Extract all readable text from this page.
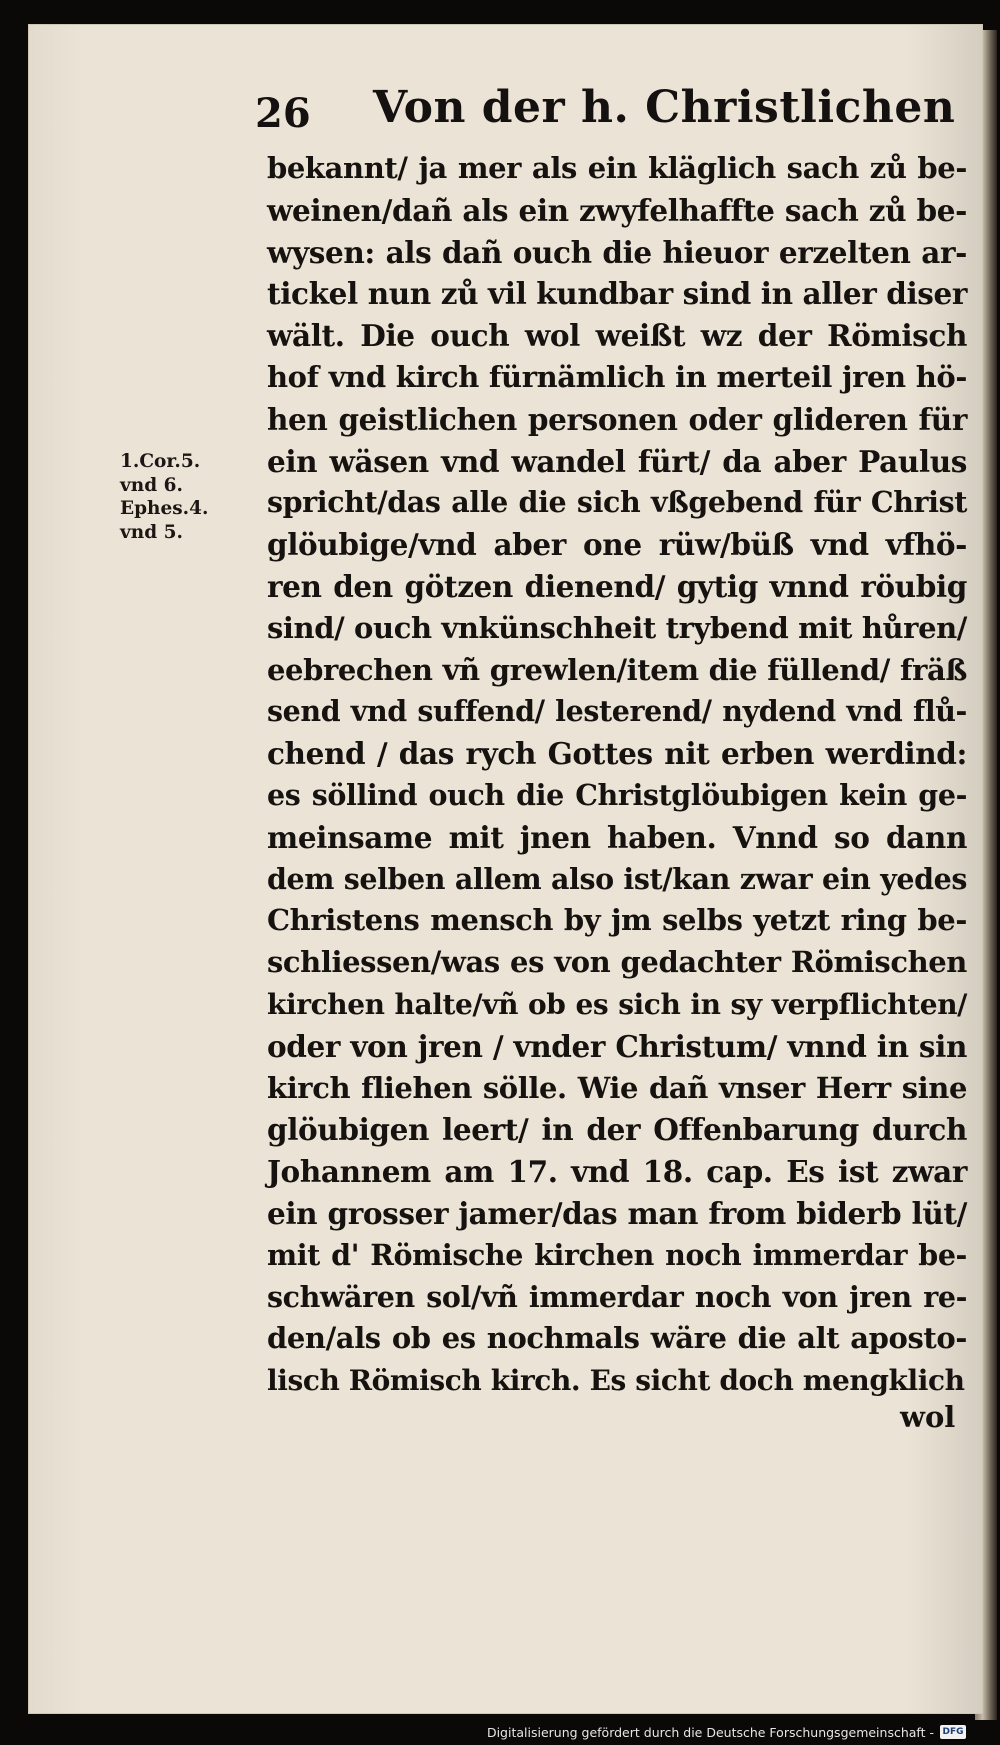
26 Von der h. Christlichen
bekannt/ ja mer als ein kläglich sach zů be-
weinen/dañ als ein zwyfelhaffte sach zů be-
wysen: als dañ ouch die hieuor erzelten ar-
tickel nun zů vil kundbar sind in aller diser
wält. Die ouch wol weißt wz der Römisch
hof vnd kirch fürnämlich in merteil jren hö-
hen geistlichen personen oder glideren für
ein wäsen vnd wandel fürt/ da aber Paulus
spricht/das alle die sich vßgebend für Christ
glöubige/vnd aber one rüw/büß vnd vfhö-
ren den götzen dienend/ gytig vnnd röubig
sind/ ouch vnkünschheit trybend mit hůren/
eebrechen vñ grewlen/item die füllend/ fräß
send vnd suffend/ lesterend/ nydend vnd flů-
chend / das rych Gottes nit erben werdind:
es söllind ouch die Christglöubigen kein ge-
meinsame mit jnen haben. Vnnd so dann
dem selben allem also ist/kan zwar ein yedes
Christens mensch by jm selbs yetzt ring be-
schliessen/was es von gedachter Römischen
kirchen halte/vñ ob es sich in sy verpflichten/
oder von jren / vnder Christum/ vnnd in sin
kirch fliehen sölle. Wie dañ vnser Herr sine
glöubigen leert/ in der Offenbarung durch
Johannem am 17. vnd 18. cap. Es ist zwar
ein grosser jamer/das man from biderb lüt/
mit d' Römische kirchen noch immerdar be-
schwären sol/vñ immerdar noch von jren re-
den/als ob es nochmals wäre die alt aposto-
lisch Römisch kirch. Es sicht doch mengklich
wol
1.Cor.5.
vnd 6.
Ephes.4.
vnd 5.
Digitalisierung gefördert durch die Deutsche Forschungsgemeinschaft - DFG
